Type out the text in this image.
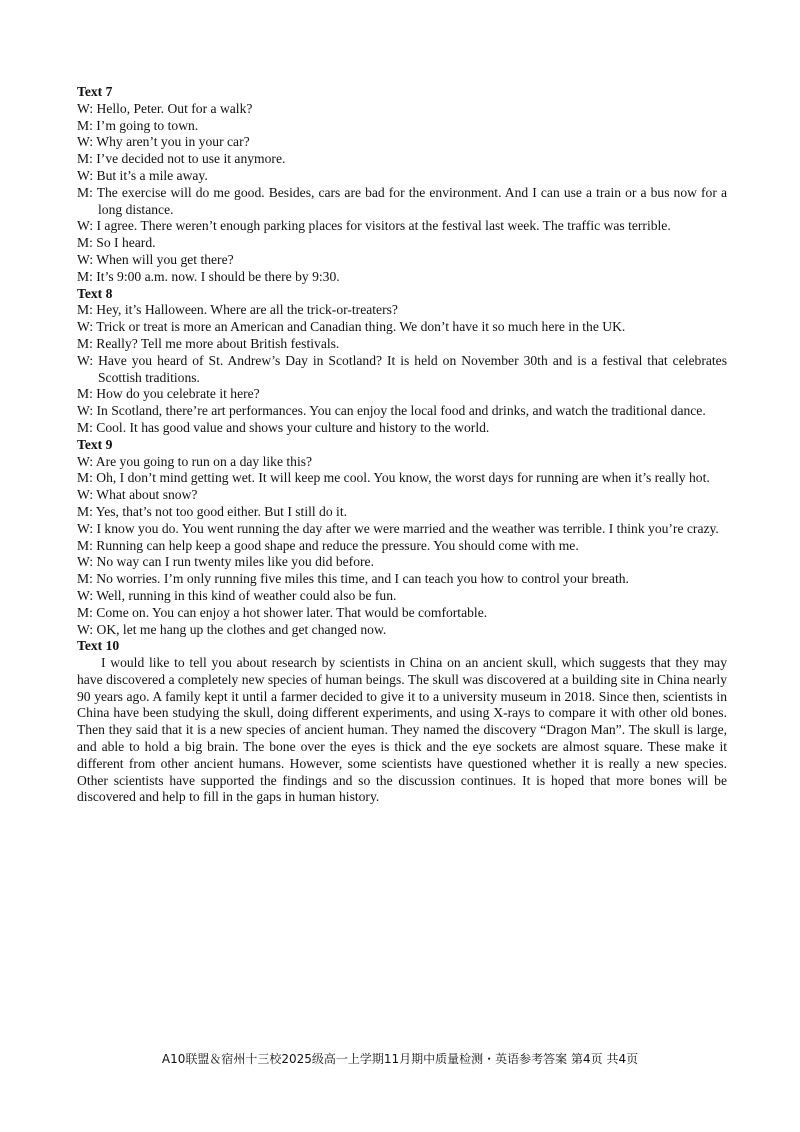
Text 7

W: Hello, Peter. Out for a walk?

M: I’m going to town.

W: Why aren’t you in your car?

M: I’ve decided not to use it anymore.

W: But it’s a mile away.

M: The exercise will do me good. Besides, cars are bad for the environment. And I can use a train or a bus now for a long distance.

W: I agree. There weren’t enough parking places for visitors at the festival last week. The traffic was terrible.

M: So I heard.

W: When will you get there?

M: It’s 9:00 a.m. now. I should be there by 9:30.

Text 8

M: Hey, it’s Halloween. Where are all the trick-or-treaters?

W: Trick or treat is more an American and Canadian thing. We don’t have it so much here in the UK.

M: Really? Tell me more about British festivals.

W: Have you heard of St. Andrew’s Day in Scotland? It is held on November 30th and is a festival that celebrates Scottish traditions.

M: How do you celebrate it here?

W: In Scotland, there’re art performances. You can enjoy the local food and drinks, and watch the traditional dance.

M: Cool. It has good value and shows your culture and history to the world.

Text 9

W: Are you going to run on a day like this?

M: Oh, I don’t mind getting wet. It will keep me cool. You know, the worst days for running are when it’s really hot.

W: What about snow?

M: Yes, that’s not too good either. But I still do it.

W: I know you do. You went running the day after we were married and the weather was terrible. I think you’re crazy.

M: Running can help keep a good shape and reduce the pressure. You should come with me.

W: No way can I run twenty miles like you did before.

M: No worries. I’m only running five miles this time, and I can teach you how to control your breath.

W: Well, running in this kind of weather could also be fun.

M: Come on. You can enjoy a hot shower later. That would be comfortable.

W: OK, let me hang up the clothes and get changed now.

Text 10

I would like to tell you about research by scientists in China on an ancient skull, which suggests that they may have discovered a completely new species of human beings. The skull was discovered at a building site in China nearly 90 years ago. A family kept it until a farmer decided to give it to a university museum in 2018. Since then, scientists in China have been studying the skull, doing different experiments, and using X-rays to compare it with other old bones. Then they said that it is a new species of ancient human. They named the discovery “Dragon Man”. The skull is large, and able to hold a big brain. The bone over the eyes is thick and the eye sockets are almost square. These make it different from other ancient humans. However, some scientists have questioned whether it is really a new species. Other scientists have supported the findings and so the discussion continues. It is hoped that more bones will be discovered and help to fill in the gaps in human history.

A10联盟＆宿州十三校2025级高一上学期11月期中质量检测・英语参考答案 第4页 共4页
